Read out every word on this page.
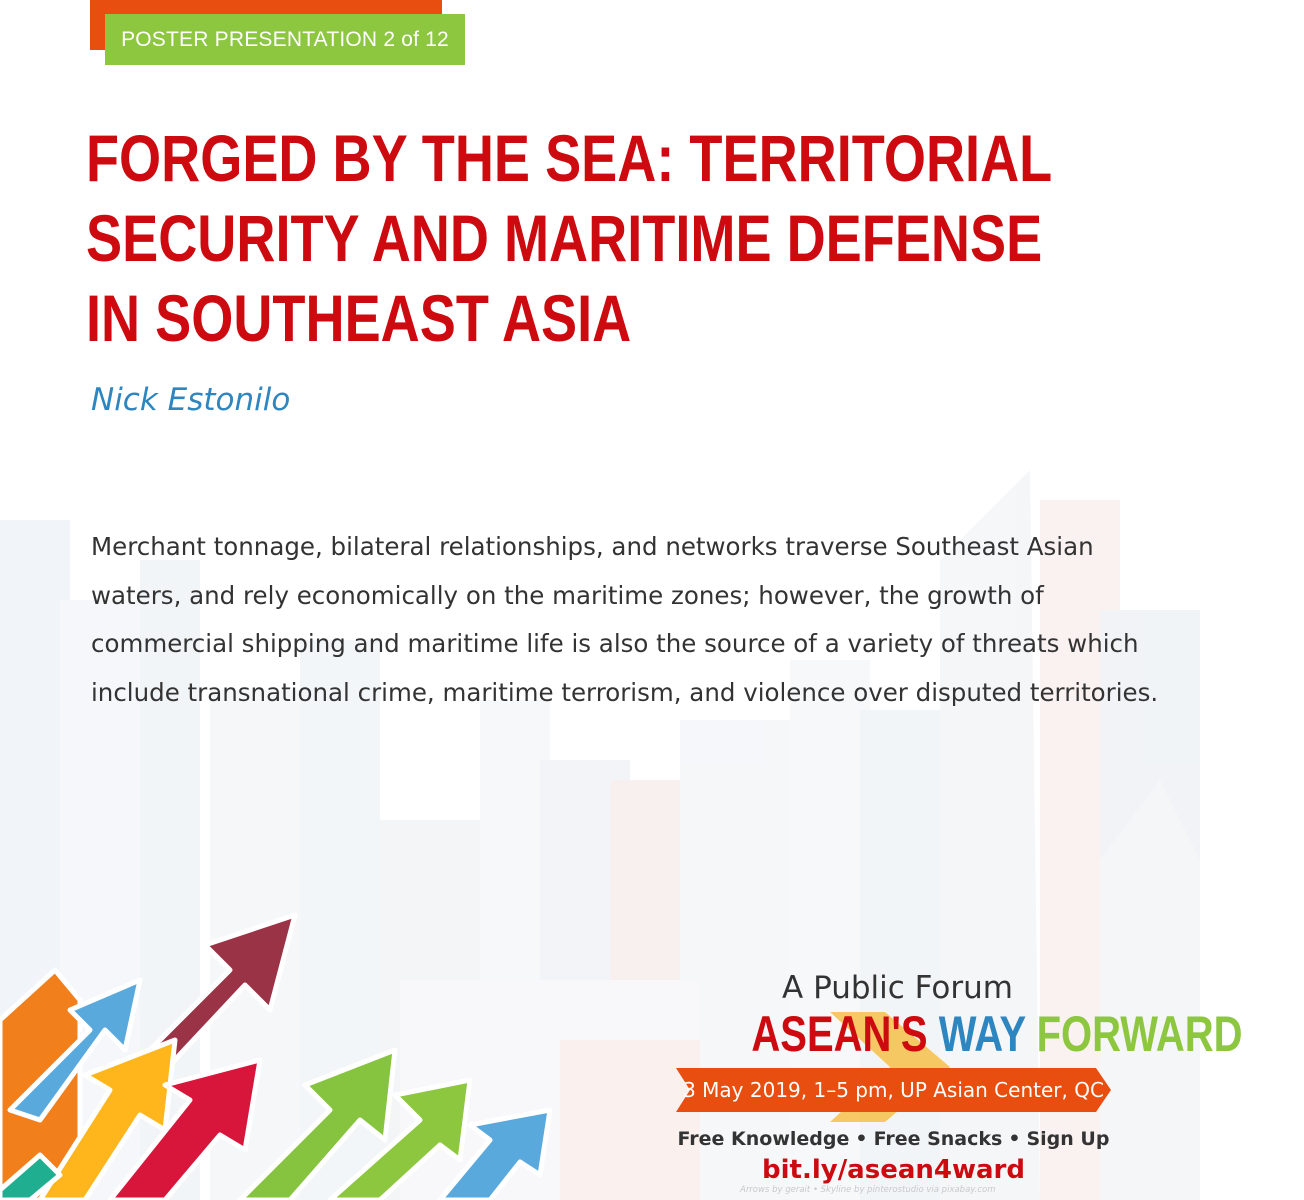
POSTER PRESENTATION 2 of 12
FORGED BY THE SEA: TERRITORIAL
SECURITY AND MARITIME DEFENSE
IN SOUTHEAST ASIA
Nick Estonilo

Merchant tonnage, bilateral relationships, and networks traverse Southeast Asian waters, and rely economically on the maritime zones; however, the growth of commercial shipping and maritime life is also the source of a variety of threats which include transnational crime, maritime terrorism, and violence over disputed territories.

A Public Forum
ASEAN'S WAY FORWARD
3 May 2019, 1–5 pm, UP Asian Center, QC
Free Knowledge • Free Snacks • Sign Up
bit.ly/asean4ward
Arrows by gerait • Skyline by pinterostudio via pixabay.com
